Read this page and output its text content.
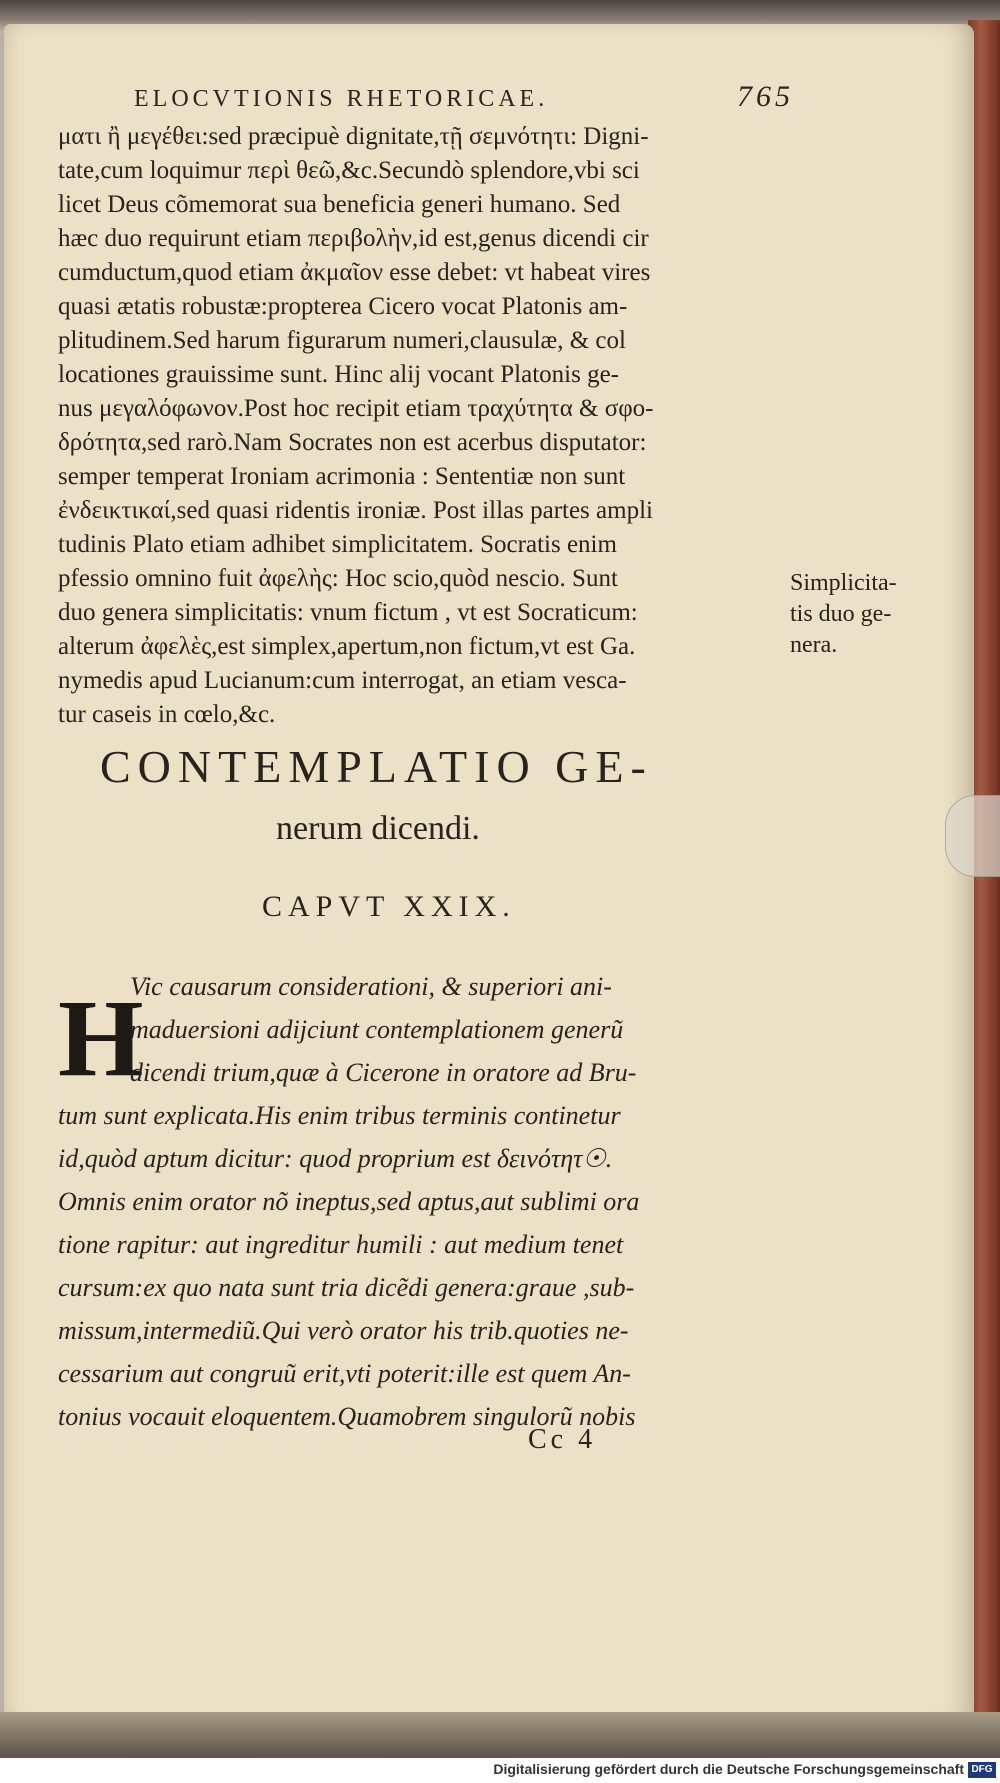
ELOCVTIONIS RHETORICAE.	765
ματι ἢ μεγέθει:sed præcipuè dignitate,τῇ σεμνότητι: Digni-
tate,cum loquimur περὶ θεῶ,&c.Secundò splendore,vbi sci
licet Deus cõmemorat sua beneficia generi humano. Sed
hæc duo requirunt etiam περιβολὴν,id est,genus dicendi cir
cumductum,quod etiam ἀκμαῖον esse debet: vt habeat vires
quasi ætatis robustæ:propterea Cicero vocat Platonis am-
plitudinem.Sed harum figurarum numeri,clausulæ, & col
locationes grauissime sunt. Hinc alij vocant Platonis ge-
nus μεγαλόφωνον.Post hoc recipit etiam τραχύτητα & σφο-
δρότητα,sed rarò.Nam Socrates non est acerbus disputator:
semper temperat Ironiam acrimonia : Sententiæ non sunt
ἐνδεικτικαί,sed quasi ridentis ironiæ. Post illas partes ampli
tudinis Plato etiam adhibet simplicitatem. Socratis enim
pfessio omnino fuit ἀφελὴς: Hoc scio,quòd nescio. Sunt
duo genera simplicitatis: vnum fictum , vt est Socraticum:
alterum ἀφελὲς,est simplex,apertum,non fictum,vt est Ga.
nymedis apud Lucianum:cum interrogat, an etiam vesca-
tur caseis in cœlo,&c.
Simplicita-
tis duo ge-
nera.
CONTEMPLATIO GE-
nerum dicendi.
CAPVT XXIX.
H
Vic causarum considerationi, & superiori ani-
maduersioni adijciunt contemplationem generũ
dicendi trium,quæ à Cicerone in oratore ad Bru-
tum sunt explicata.His enim tribus terminis continetur
id,quòd aptum dicitur: quod proprium est δεινότητ☉.
Omnis enim orator nõ ineptus,sed aptus,aut sublimi ora
tione rapitur: aut ingreditur humili : aut medium tenet
cursum:ex quo nata sunt tria dicẽdi genera:graue ,sub-
missum,intermediũ.Qui verò orator his trib.quoties ne-
cessarium aut congruũ erit,vti poterit:ille est quem An-
tonius vocauit eloquentem.Quamobrem singulorũ nobis
Cc 4
Digitalisierung gefördert durch die Deutsche Forschungsgemeinschaft DFG
